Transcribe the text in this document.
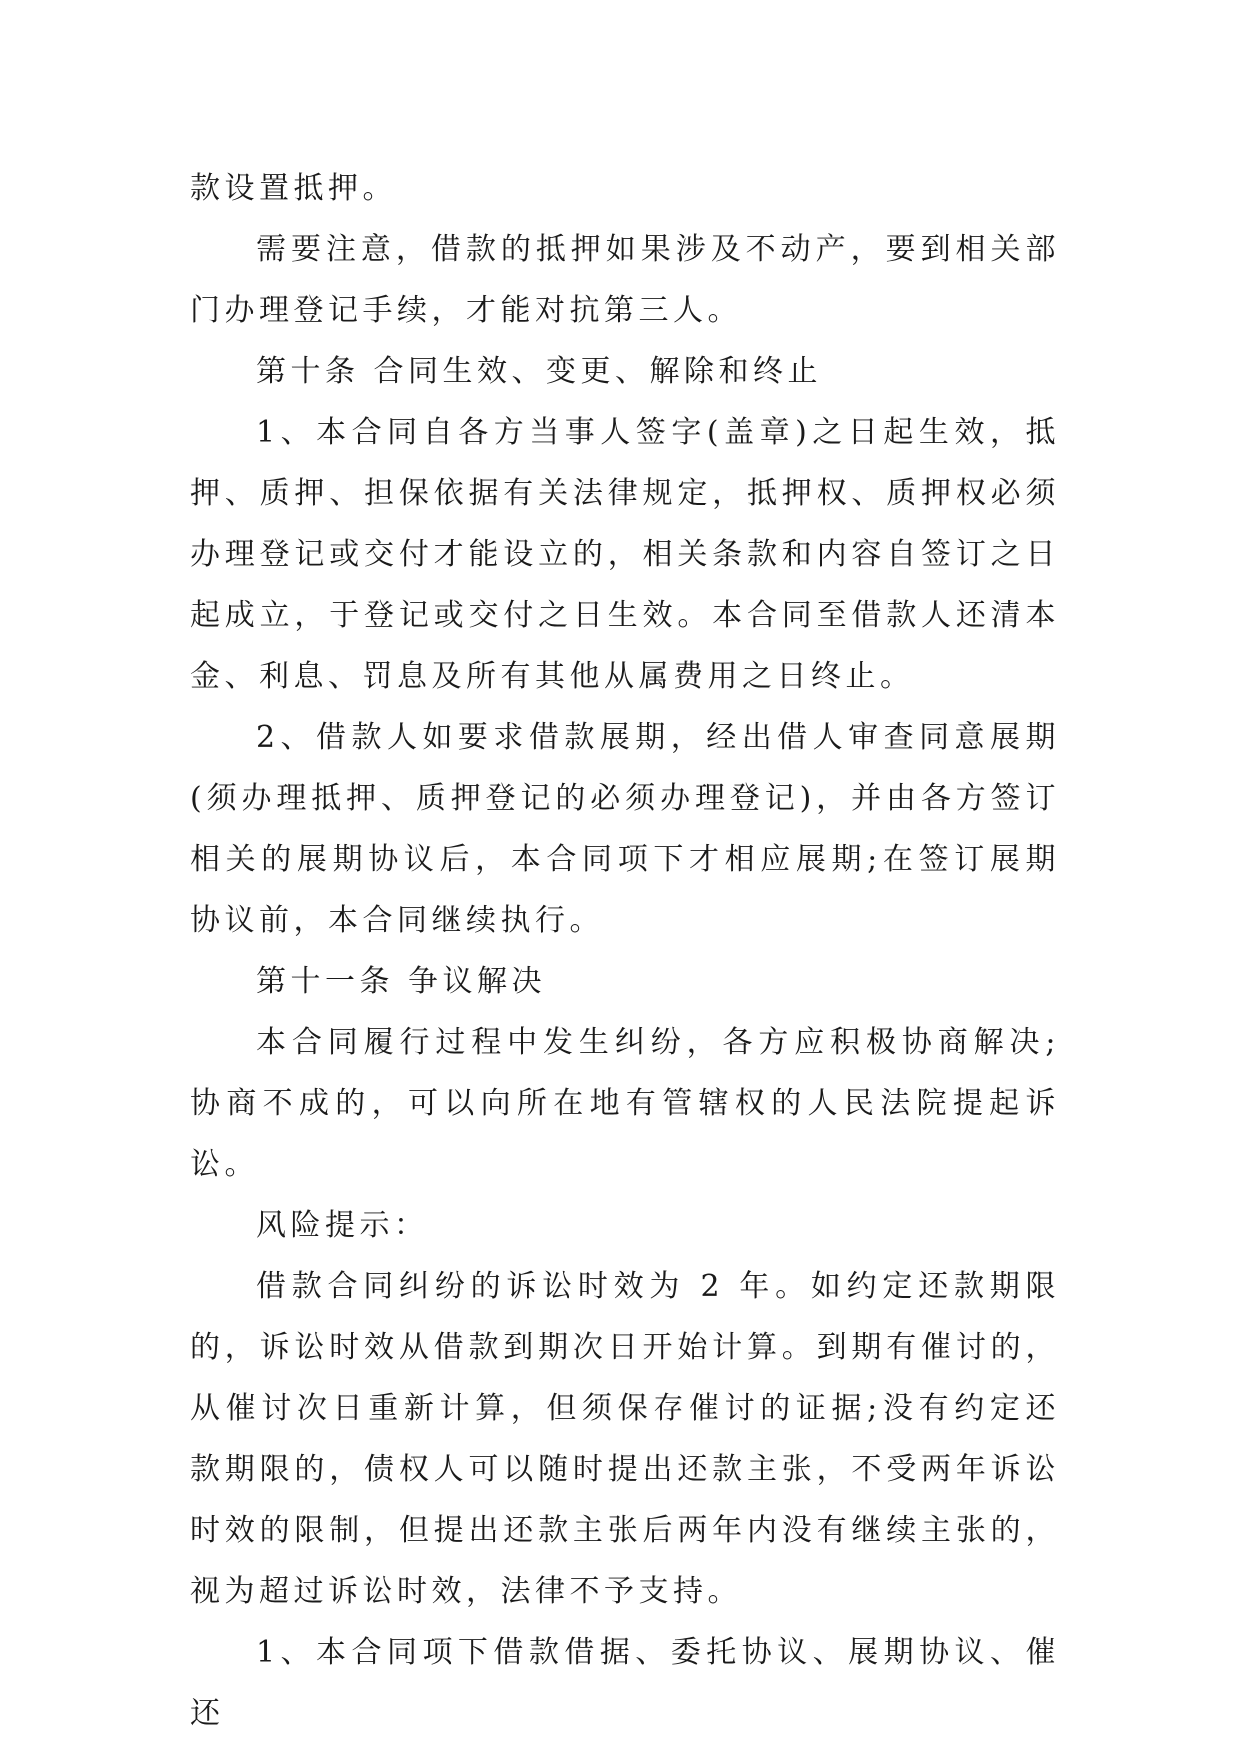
款设置抵押。

需要注意，借款的抵押如果涉及不动产，要到相关部门办理登记手续，才能对抗第三人。

第十条 合同生效、变更、解除和终止

1、本合同自各方当事人签字(盖章)之日起生效，抵押、质押、担保依据有关法律规定，抵押权、质押权必须办理登记或交付才能设立的，相关条款和内容自签订之日起成立，于登记或交付之日生效。本合同至借款人还清本金、利息、罚息及所有其他从属费用之日终止。

2、借款人如要求借款展期，经出借人审查同意展期(须办理抵押、质押登记的必须办理登记)，并由各方签订相关的展期协议后，本合同项下才相应展期;在签订展期协议前，本合同继续执行。

第十一条 争议解决

本合同履行过程中发生纠纷，各方应积极协商解决;协商不成的，可以向所在地有管辖权的人民法院提起诉讼。

风险提示：

借款合同纠纷的诉讼时效为 2 年。如约定还款期限的，诉讼时效从借款到期次日开始计算。到期有催讨的，从催讨次日重新计算，但须保存催讨的证据;没有约定还款期限的，债权人可以随时提出还款主张，不受两年诉讼时效的限制，但提出还款主张后两年内没有继续主张的，视为超过诉讼时效，法律不予支持。

1、本合同项下借款借据、委托协议、展期协议、催还
